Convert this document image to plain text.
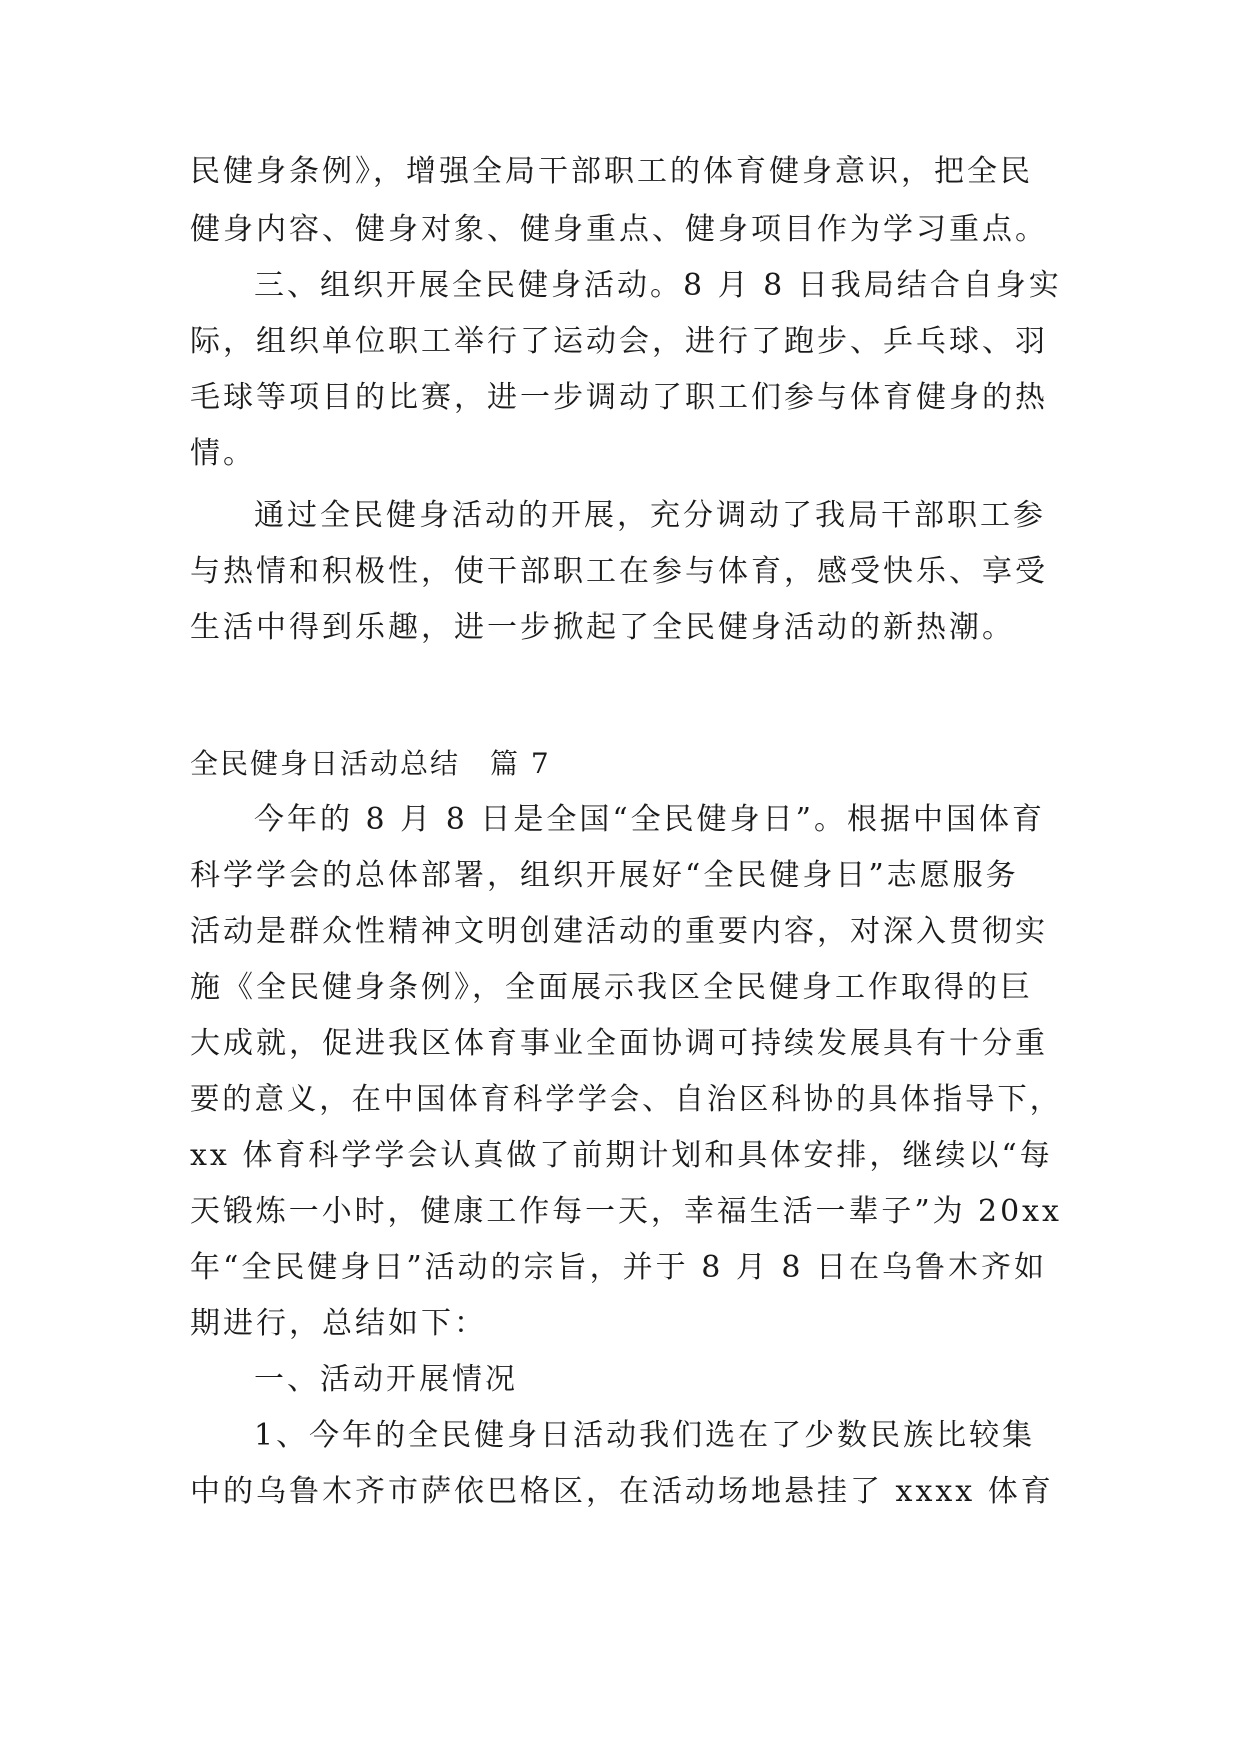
民健身条例》，增强全局干部职工的体育健身意识，把全民
健身内容、健身对象、健身重点、健身项目作为学习重点。
三、组织开展全民健身活动。8 月 8 日我局结合自身实
际，组织单位职工举行了运动会，进行了跑步、乒乓球、羽
毛球等项目的比赛，进一步调动了职工们参与体育健身的热
情。
通过全民健身活动的开展，充分调动了我局干部职工参
与热情和积极性，使干部职工在参与体育，感受快乐、享受
生活中得到乐趣，进一步掀起了全民健身活动的新热潮。
全民健身日活动总结　篇 7
今年的 8 月 8 日是全国“全民健身日”。根据中国体育
科学学会的总体部署，组织开展好“全民健身日”志愿服务
活动是群众性精神文明创建活动的重要内容，对深入贯彻实
施《全民健身条例》，全面展示我区全民健身工作取得的巨
大成就，促进我区体育事业全面协调可持续发展具有十分重
要的意义，在中国体育科学学会、自治区科协的具体指导下，
xx 体育科学学会认真做了前期计划和具体安排，继续以“每
天锻炼一小时，健康工作每一天，幸福生活一辈子”为 20xx
年“全民健身日”活动的宗旨，并于 8 月 8 日在乌鲁木齐如
期进行，总结如下：
一、活动开展情况
1、今年的全民健身日活动我们选在了少数民族比较集
中的乌鲁木齐市萨依巴格区，在活动场地悬挂了 xxxx 体育
